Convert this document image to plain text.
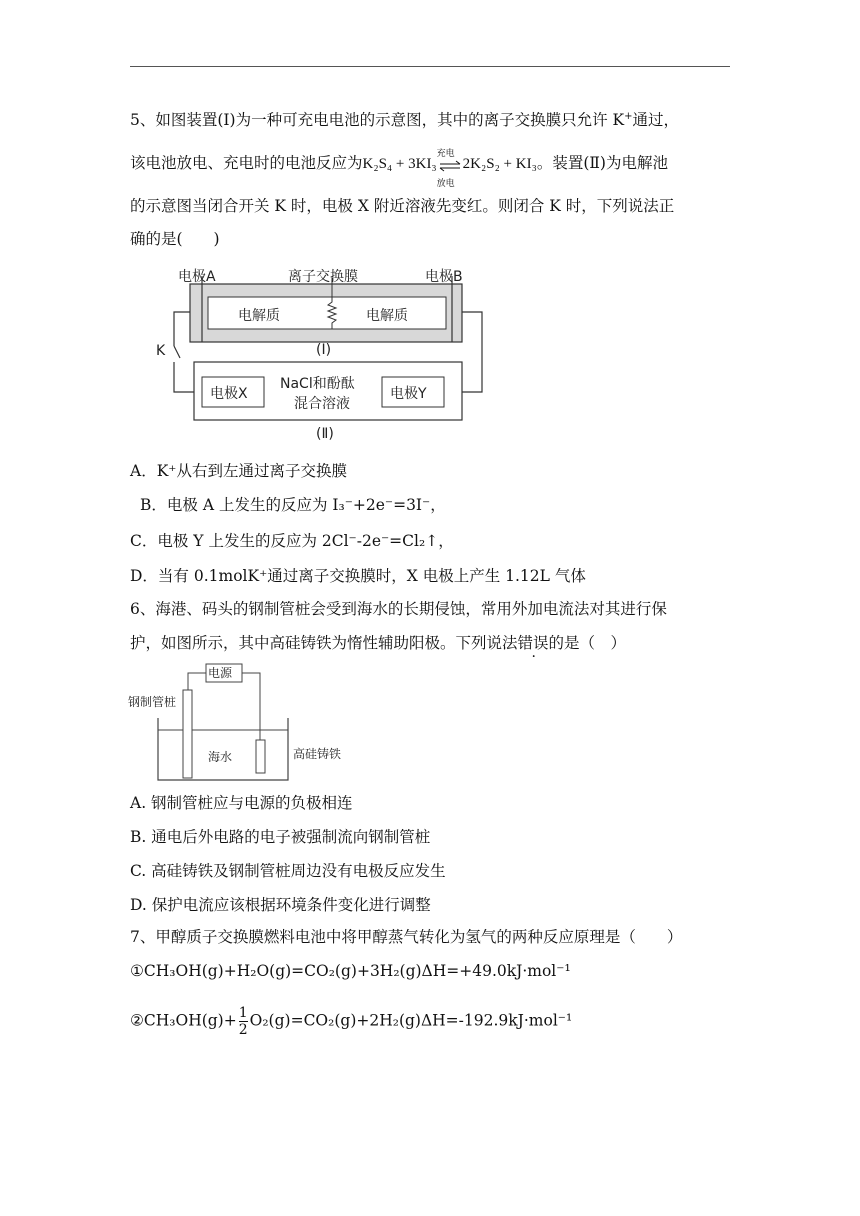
5、如图装置(Ⅰ)为一种可充电电池的示意图，其中的离子交换膜只允许 K+通过，
该电池放电、充电时的电池反应为K₂S₄ + 3KI₃
充电
放电
2K₂S₂ + KI₃。装置(Ⅱ)为电解池
的示意图当闭合开关 K 时，电极 X 附近溶液先变红。则闭合 K 时，下列说法正
确的是(　　)
电极A	离子交换膜	电极B
电解质	电解质
(Ⅰ)
K
电极X
NaCl和酚酞
混合溶液
电极Y
(Ⅱ)
A．K⁺从右到左通过离子交换膜
B．电极 A 上发生的反应为 I₃⁻+2e⁻=3I⁻，
C．电极 Y 上发生的反应为 2Cl⁻-2e⁻=Cl₂↑，
D．当有 0.1molK⁺通过离子交换膜时，X 电极上产生 1.12L 气体
6、海港、码头的钢制管桩会受到海水的长期侵蚀，常用外加电流法对其进行保
护，如图所示，其中高硅铸铁为惰性辅助阳极。下列说法错误的是（　）
电源
钢制管桩
海水	高硅铸铁
A. 钢制管桩应与电源的负极相连
B. 通电后外电路的电子被强制流向钢制管桩
C. 高硅铸铁及钢制管桩周边没有电极反应发生
D. 保护电流应该根据环境条件变化进行调整
7、甲醇质子交换膜燃料电池中将甲醇蒸气转化为氢气的两种反应原理是（　　）
①CH₃OH(g)+H₂O(g)=CO₂(g)+3H₂(g)ΔH=+49.0kJ·mol⁻¹
②CH₃OH(g)+ $\frac{1}{2} O_2(g)=CO_2(g)+2H_2(g)\Delta H=-192.9kJ\cdot mol^{-1}$
